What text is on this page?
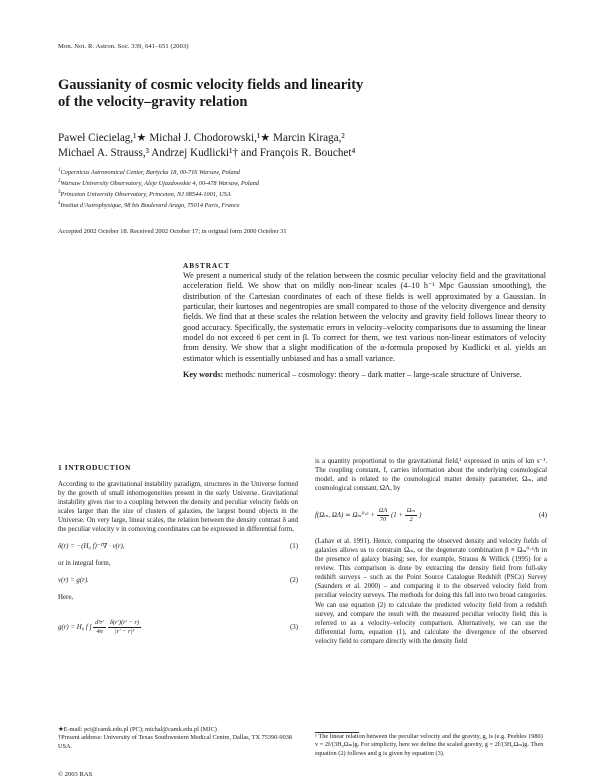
Mon. Not. R. Astron. Soc. 339, 641–651 (2003)
Gaussianity of cosmic velocity fields and linearity
of the velocity–gravity relation
Paweł Ciecielag,¹★ Michał J. Chodorowski,¹★ Marcin Kiraga,²
Michael A. Strauss,³ Andrzej Kudlicki¹† and François R. Bouchet⁴
$^1$Copernicus Astronomical Center, Bartycka 18, 00-716 Warsaw, Poland
$^2$Warsaw University Observatory, Aleje Ujazdowskie 4, 00-478 Warsaw, Poland
$^3$Princeton University Observatory, Princeton, NJ 08544-1001, USA
$^4$Institut d’Astrophysique, 98 bis Boulevard Arago, 75014 Paris, France
Accepted 2002 October 18. Received 2002 October 17; in original form 2000 October 31
ABSTRACT
We present a numerical study of the relation between the cosmic peculiar velocity field and the gravitational acceleration field. We show that on mildly non-linear scales (4–10 h⁻¹ Mpc Gaussian smoothing), the distribution of the Cartesian coordinates of each of these fields is well approximated by a Gaussian. In particular, their kurtoses and negentropies are small compared to those of the velocity divergence and density fields. We find that at these scales the relation between the velocity and gravity field follows linear theory to good accuracy. Specifically, the systematic errors in velocity–velocity comparisons due to assuming the linear model do not exceed 6 per cent in β. To correct for them, we test various non-linear estimators of velocity from density. We show that a slight modification of the α-formula proposed by Kudlicki et al. yields an estimator which is essentially unbiased and has a small variance.
Key words: methods: numerical – cosmology: theory – dark matter – large-scale structure of Universe.
1 INTRODUCTION
According to the gravitational instability paradigm, structures in the Universe formed by the growth of small inhomogeneities present in the early Universe. Gravitational instability gives rise to a coupling between the density and peculiar velocity fields on scales larger than the size of clusters of galaxies, the largest bound objects in the Universe. On very large, linear scales, the relation between the density contrast δ and the peculiar velocity v in comoving coordinates can be expressed in differential form,
δ(r) = −(H₀ f)⁻¹∇ · v(r),	(1)
or in integral form,
v(r) = g(r).	(2)
Here,
g(r) = H₀ f ∫ $\frac{\text{d³r′}}{4\pi}$
$\frac{\delta(r')(r' - r)}{\text{|r′ − r|³}}$	(3)
★E-mail: pci@camk.edu.pl (PC); michal@camk.edu.pl (MJC)
†Present address: University of Texas Southwestern Medical Centre, Dallas, TX 75390-9038 USA.
is a quantity proportional to the gravitational field,¹ expressed in units of km s⁻¹. The coupling constant, f, carries information about the underlying cosmological model, and is related to the cosmological matter density parameter, Ωₘ, and cosmological constant, ΩΛ, by
f(Ωₘ, ΩΛ) ≃ $\Omega_m^0\cdot^6 + \frac{\Omega\Lambda}{70} (1 + \frac{\text{Ωₘ}}{2}$ )	(4)
(Lahav et al. 1991). Hence, comparing the observed density and velocity fields of galaxies allows us to constrain Ωₘ, or the degenerate combination β ≡ Ωₘ⁰·⁶/b in the presence of galaxy biasing; see, for example, Strauss & Willick (1995) for a review. This comparison is done by extracting the density field from full-sky redshift surveys – such as the Point Source Catalogue Redshift (PSCz) Survey (Saunders et al. 2000) – and comparing it to the observed velocity field from peculiar velocity surveys. The methods for doing this fall into two broad categories. We can use equation (2) to calculate the predicted velocity field from a redshift survey, and compare the result with the measured peculiar velocity field; this is referred to as a velocity–velocity comparison. Alternatively, we can use the differential form, equation (1), and calculate the divergence of the observed velocity field to compare directly with the density field
¹ The linear relation between the peculiar velocity and the gravity, g, is (e.g. Peebles 1980) v = 2f/(3H₀Ωₘ)g. For simplicity, here we define the scaled gravity, g = 2f/(3H₀Ωₘ)g. Then equation (2) follows and g is given by equation (3).
© 2003 RAS
